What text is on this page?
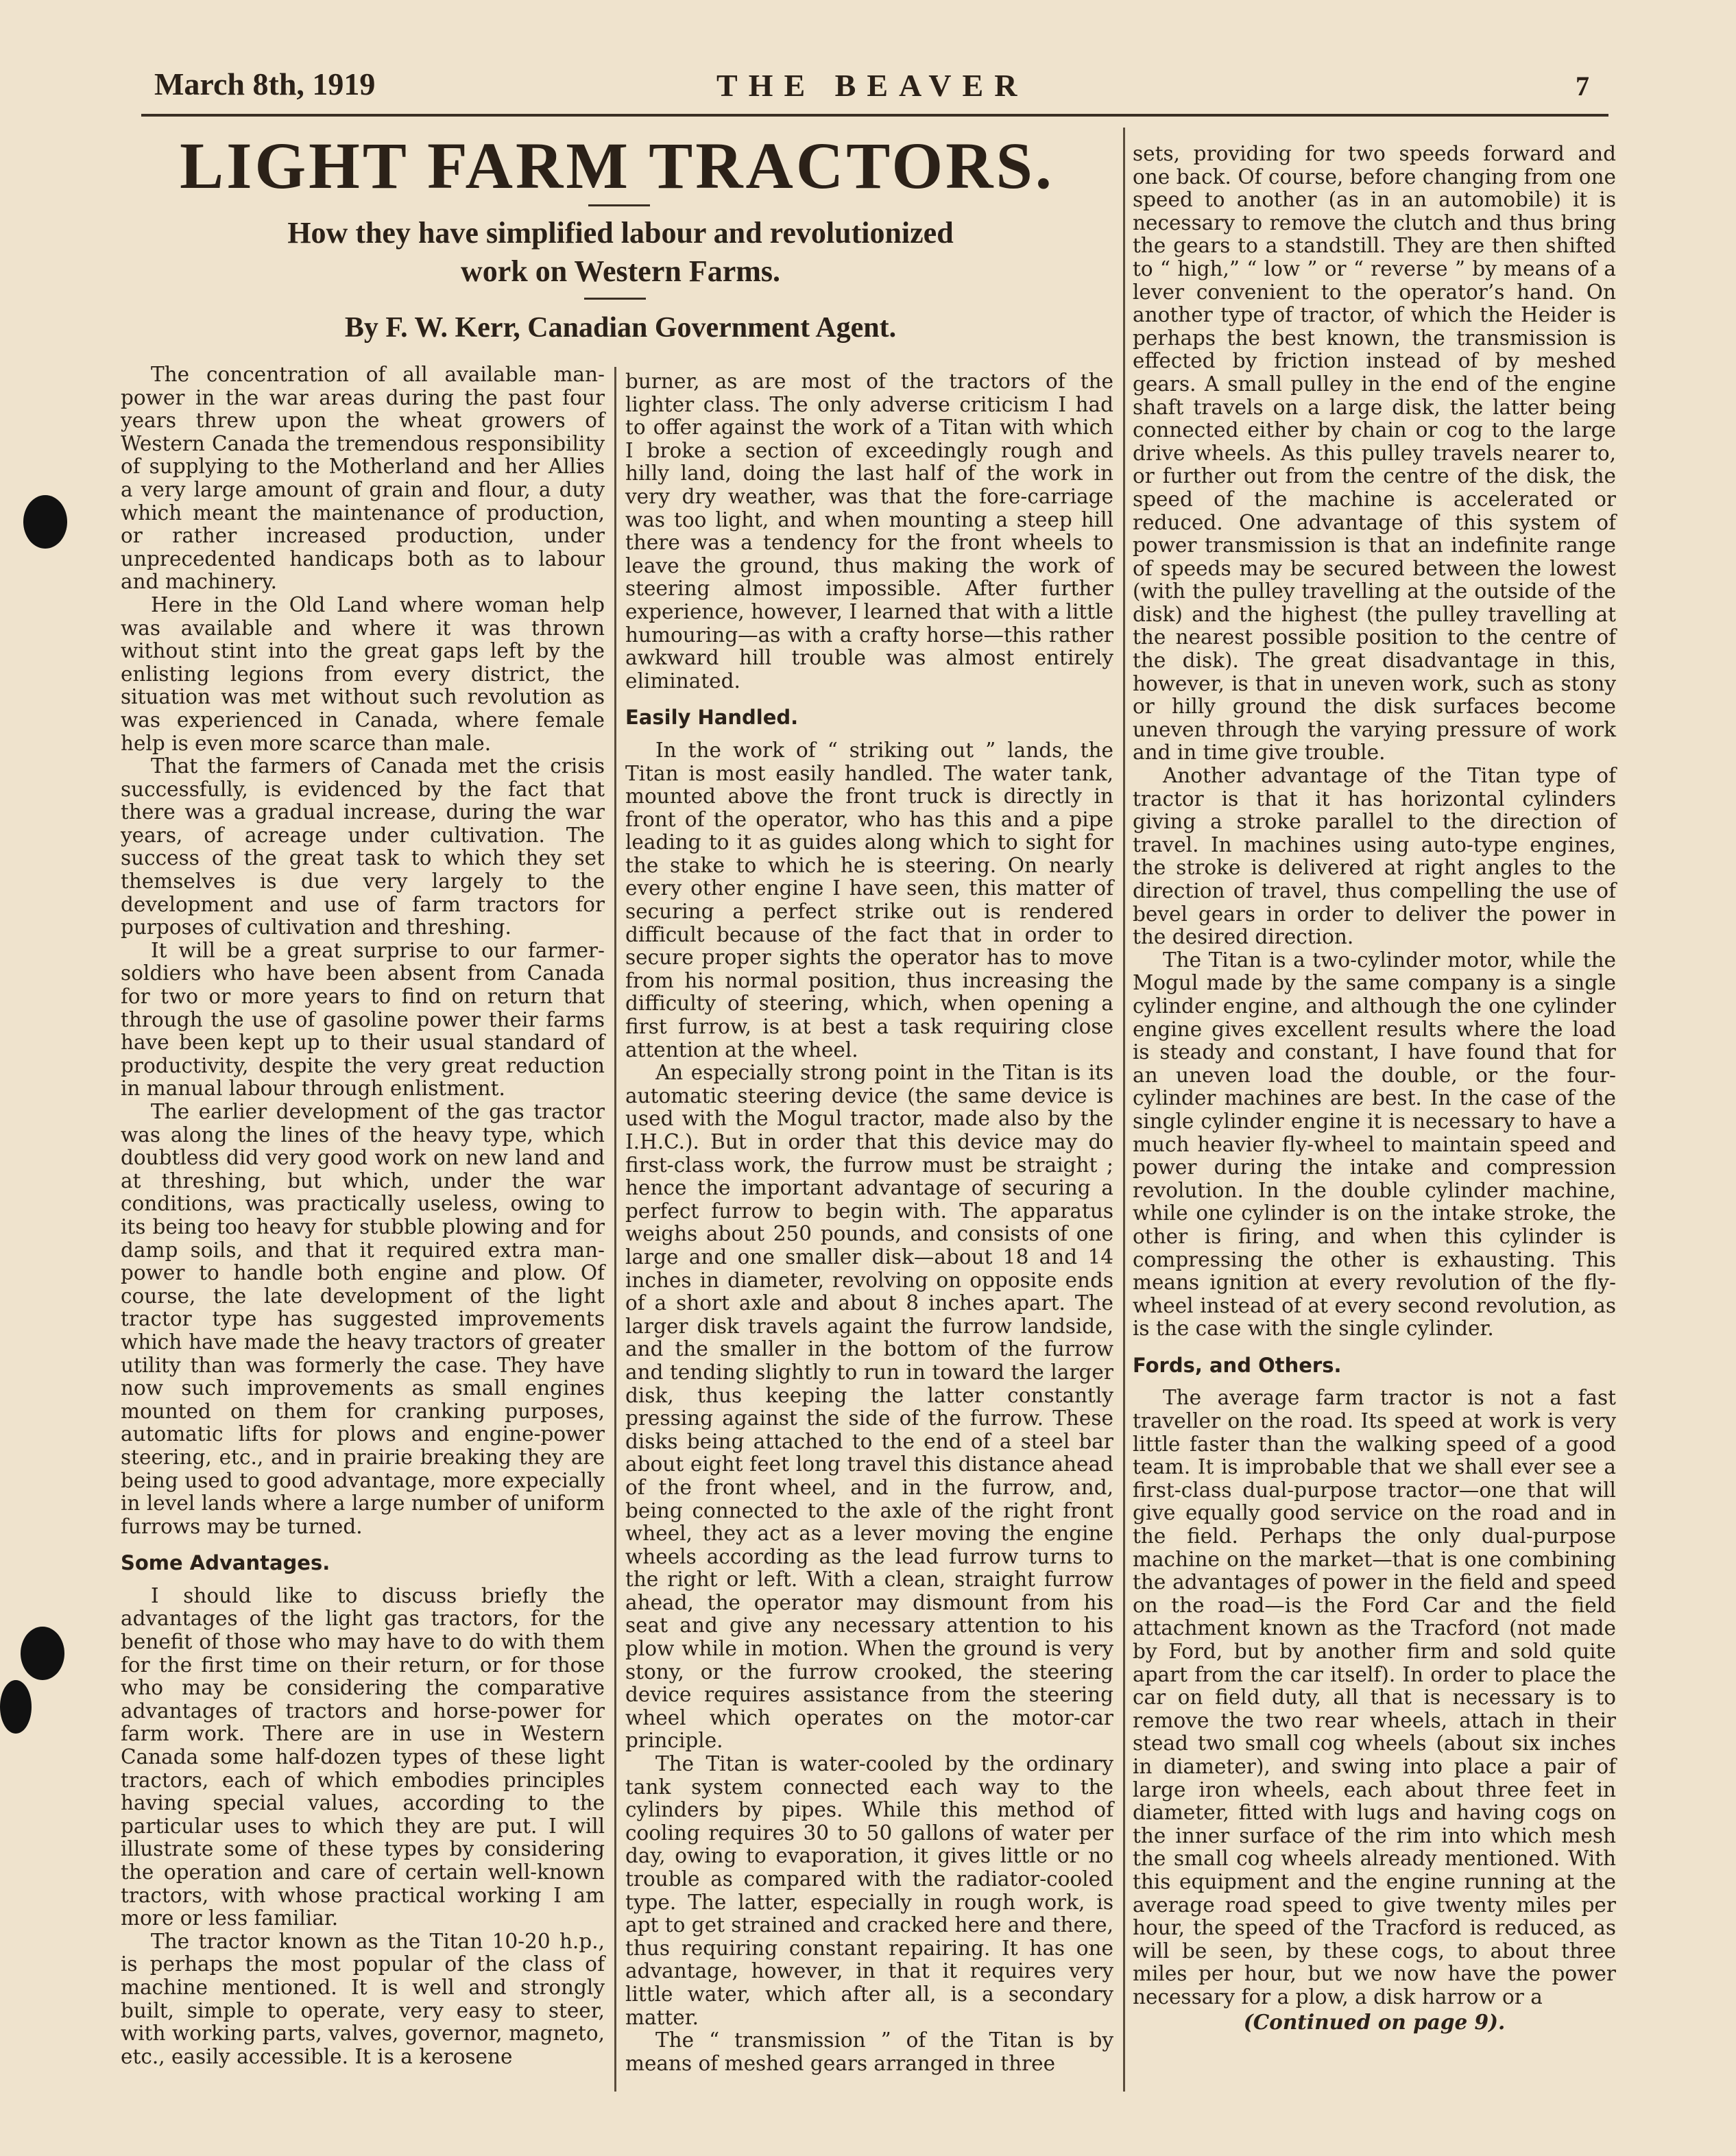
March 8th, 1919	THE BEAVER	7
LIGHT FARM TRACTORS.
How they have simplified labour and revolutionized
work on Western Farms.
By F. W. Kerr, Canadian Government Agent.

The concentration of all available man-power in the war areas during the past four years threw upon the wheat growers of Western Canada the tremendous responsibility of supplying to the Motherland and her Allies a very large amount of grain and flour, a duty which meant the maintenance of production, or rather increased production, under unprecedented handicaps both as to labour and machinery.

Here in the Old Land where woman help was available and where it was thrown without stint into the great gaps left by the enlisting legions from every district, the situation was met without such revolution as was experienced in Canada, where female help is even more scarce than male.

That the farmers of Canada met the crisis successfully, is evidenced by the fact that there was a gradual increase, during the war years, of acreage under cultivation. The success of the great task to which they set themselves is due very largely to the development and use of farm tractors for purposes of cultivation and threshing.

It will be a great surprise to our farmer-soldiers who have been absent from Canada for two or more years to find on return that through the use of gasoline power their farms have been kept up to their usual standard of productivity, despite the very great reduction in manual labour through enlistment.

The earlier development of the gas tractor was along the lines of the heavy type, which doubtless did very good work on new land and at threshing, but which, under the war conditions, was practically useless, owing to its being too heavy for stubble plowing and for damp soils, and that it required extra man-power to handle both engine and plow. Of course, the late development of the light tractor type has suggested improvements which have made the heavy tractors of greater utility than was formerly the case. They have now such improvements as small engines mounted on them for cranking purposes, automatic lifts for plows and engine-power steering, etc., and in prairie breaking they are being used to good advantage, more expecially in level lands where a large number of uniform furrows may be turned.

Some Advantages.

I should like to discuss briefly the advantages of the light gas tractors, for the benefit of those who may have to do with them for the first time on their return, or for those who may be considering the comparative advantages of tractors and horse-power for farm work. There are in use in Western Canada some half-dozen types of these light tractors, each of which embodies principles having special values, according to the particular uses to which they are put. I will illustrate some of these types by considering the operation and care of certain well-known tractors, with whose practical working I am more or less familiar.

The tractor known as the Titan 10-20 h.p., is perhaps the most popular of the class of machine mentioned. It is well and strongly built, simple to operate, very easy to steer, with working parts, valves, governor, magneto, etc., easily accessible. It is a kerosene

burner, as are most of the tractors of the lighter class. The only adverse criticism I had to offer against the work of a Titan with which I broke a section of exceedingly rough and hilly land, doing the last half of the work in very dry weather, was that the fore-carriage was too light, and when mounting a steep hill there was a tendency for the front wheels to leave the ground, thus making the work of steering almost impossible. After further experience, however, I learned that with a little humouring—as with a crafty horse—this rather awkward hill trouble was almost entirely eliminated.

Easily Handled.

In the work of “ striking out ” lands, the Titan is most easily handled. The water tank, mounted above the front truck is directly in front of the operator, who has this and a pipe leading to it as guides along which to sight for the stake to which he is steering. On nearly every other engine I have seen, this matter of securing a perfect strike out is rendered difficult because of the fact that in order to secure proper sights the operator has to move from his normal position, thus increasing the difficulty of steering, which, when opening a first furrow, is at best a task requiring close attention at the wheel.

An especially strong point in the Titan is its automatic steering device (the same device is used with the Mogul tractor, made also by the I.H.C.). But in order that this device may do first-class work, the furrow must be straight ; hence the important advantage of securing a perfect furrow to begin with. The apparatus weighs about 250 pounds, and consists of one large and one smaller disk—about 18 and 14 inches in diameter, revolving on opposite ends of a short axle and about 8 inches apart. The larger disk travels againt the furrow landside, and the smaller in the bottom of the furrow and tending slightly to run in toward the larger disk, thus keeping the latter constantly pressing against the side of the furrow. These disks being attached to the end of a steel bar about eight feet long travel this distance ahead of the front wheel, and in the furrow, and, being connected to the axle of the right front wheel, they act as a lever moving the engine wheels according as the lead furrow turns to the right or left. With a clean, straight furrow ahead, the operator may dismount from his seat and give any necessary attention to his plow while in motion. When the ground is very stony, or the furrow crooked, the steering device requires assistance from the steering wheel which operates on the motor-car principle.

The Titan is water-cooled by the ordinary tank system connected each way to the cylinders by pipes. While this method of cooling requires 30 to 50 gallons of water per day, owing to evaporation, it gives little or no trouble as compared with the radiator-cooled type. The latter, especially in rough work, is apt to get strained and cracked here and there, thus requiring constant repairing. It has one advantage, however, in that it requires very little water, which after all, is a secondary matter.

The “ transmission ” of the Titan is by means of meshed gears arranged in three

sets, providing for two speeds forward and one back. Of course, before changing from one speed to another (as in an automobile) it is necessary to remove the clutch and thus bring the gears to a standstill. They are then shifted to “ high,” “ low ” or “ reverse ” by means of a lever convenient to the operator’s hand. On another type of tractor, of which the Heider is perhaps the best known, the transmission is effected by friction instead of by meshed gears. A small pulley in the end of the engine shaft travels on a large disk, the latter being connected either by chain or cog to the large drive wheels. As this pulley travels nearer to, or further out from the centre of the disk, the speed of the machine is accelerated or reduced. One advantage of this system of power transmission is that an indefinite range of speeds may be secured between the lowest (with the pulley travelling at the outside of the disk) and the highest (the pulley travelling at the nearest possible position to the centre of the disk). The great disadvantage in this, however, is that in uneven work, such as stony or hilly ground the disk surfaces become uneven through the varying pressure of work and in time give trouble.

Another advantage of the Titan type of tractor is that it has horizontal cylinders giving a stroke parallel to the direction of travel. In machines using auto-type engines, the stroke is delivered at right angles to the direction of travel, thus compelling the use of bevel gears in order to deliver the power in the desired direction.

The Titan is a two-cylinder motor, while the Mogul made by the same company is a single cylinder engine, and although the one cylinder engine gives excellent results where the load is steady and constant, I have found that for an uneven load the double, or the four-cylinder machines are best. In the case of the single cylinder engine it is necessary to have a much heavier fly-wheel to maintain speed and power during the intake and compression revolution. In the double cylinder machine, while one cylinder is on the intake stroke, the other is firing, and when this cylinder is compressing the other is exhausting. This means ignition at every revolution of the fly-wheel instead of at every second revolution, as is the case with the single cylinder.

Fords, and Others.

The average farm tractor is not a fast traveller on the road. Its speed at work is very little faster than the walking speed of a good team. It is improbable that we shall ever see a first-class dual-purpose tractor—one that will give equally good service on the road and in the field. Perhaps the only dual-purpose machine on the market—that is one combining the advantages of power in the field and speed on the road—is the Ford Car and the field attachment known as the Tracford (not made by Ford, but by another firm and sold quite apart from the car itself). In order to place the car on field duty, all that is necessary is to remove the two rear wheels, attach in their stead two small cog wheels (about six inches in diameter), and swing into place a pair of large iron wheels, each about three feet in diameter, fitted with lugs and having cogs on the inner surface of the rim into which mesh the small cog wheels already mentioned. With this equipment and the engine running at the average road speed to give twenty miles per hour, the speed of the Tracford is reduced, as will be seen, by these cogs, to about three miles per hour, but we now have the power necessary for a plow, a disk harrow or a

(Continued on page 9).
